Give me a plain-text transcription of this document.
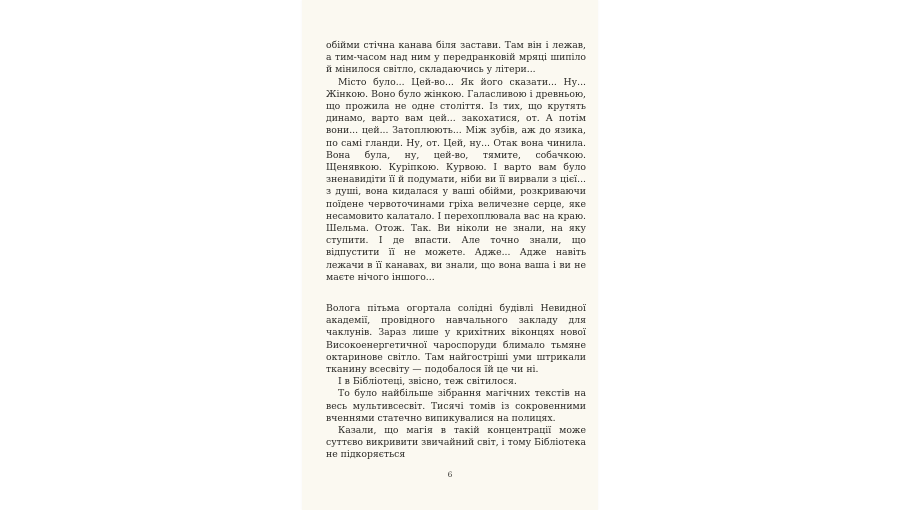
обійми стічна канава біля застави. Там він і лежав, а тим-часом над ним у передранковій мряці шипіло й мінилося світло, складаючись у літери...

Місто було... Цей-во... Як його сказати... Ну... Жінкою. Воно було жінкою. Галасливою і древньою, що прожила не одне століття. Із тих, що крутять динамо, варто вам цей... закохатися, от. А потім вони... цей... Затоплюють... Між зубів, аж до язика, по самі гланди. Ну, от. Цей, ну... Отак вона чинила. Вона була, ну, цей-во, тямите, собачкою. Щенявкою. Курiпкою. Курвою. І варто вам було зненавидіти її й подумати, ніби ви її вирвали з цієї... з душі, вона кидалася у ваші обійми, розкриваючи поїдене червоточинами гріха величезне серце, яке несамовито калатало. І перехоплювала вас на краю. Шельма. Отож. Так. Ви ніколи не знали, на яку ступити. І де впасти. Але точно знали, що відпустити її не можете. Адже... Адже навіть лежачи в її канавах, ви знали, що вона ваша і ви не маєте нічого іншого...

Волога пітьма огортала солідні будівлі Невидної академії, провідного навчального закладу для чаклунів. Зараз лише у крихітних віконцях нової Високоенергетичної чароспоруди блимало тьмяне октаринове світло. Там найгостріші уми штрикали тканину всесвіту — подобалося їй це чи ні.

І в Бібліотеці, звісно, теж світилося.

То було найбільше зібрання магічних текстів на весь мультивсесвіт. Тисячі томів із сокровенними вченнями статечно випикувалися на полицях.

Казали, що магія в такій концентрації може суттєво викривити звичайний світ, і тому Бібліотека не підкоряється

6
